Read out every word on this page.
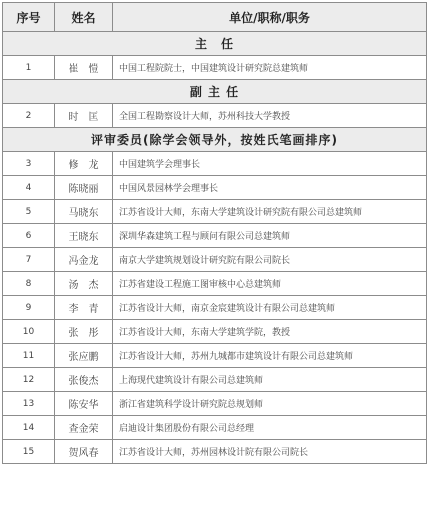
序号	姓名	单位/职称/职务
主　任		
1	崔　愷	中国工程院院士，中国建筑设计研究院总建筑师
副 主 任		
2	时　匡	全国工程勘察设计大师，苏州科技大学教授
评审委员(除学会领导外，按姓氏笔画排序)		
3	修　龙	中国建筑学会理事长
4	陈晓丽	中国风景园林学会理事长
5	马晓东	江苏省设计大师，东南大学建筑设计研究院有限公司总建筑师
6	王晓东	深圳华森建筑工程与顾问有限公司总建筑师
7	冯金龙	南京大学建筑规划设计研究院有限公司院长
8	汤　杰	江苏省建设工程施工图审核中心总建筑师
9	李　青	江苏省设计大师，南京金宸建筑设计有限公司总建筑师
10	张　彤	江苏省设计大师，东南大学建筑学院，教授
11	张应鹏	江苏省设计大师，苏州九城都市建筑设计有限公司总建筑师
12	张俊杰	上海现代建筑设计有限公司总建筑师
13	陈安华	浙江省建筑科学设计研究院总规划师
14	查金荣	启迪设计集团股份有限公司总经理
15	贺风春	江苏省设计大师，苏州园林设计院有限公司院长
